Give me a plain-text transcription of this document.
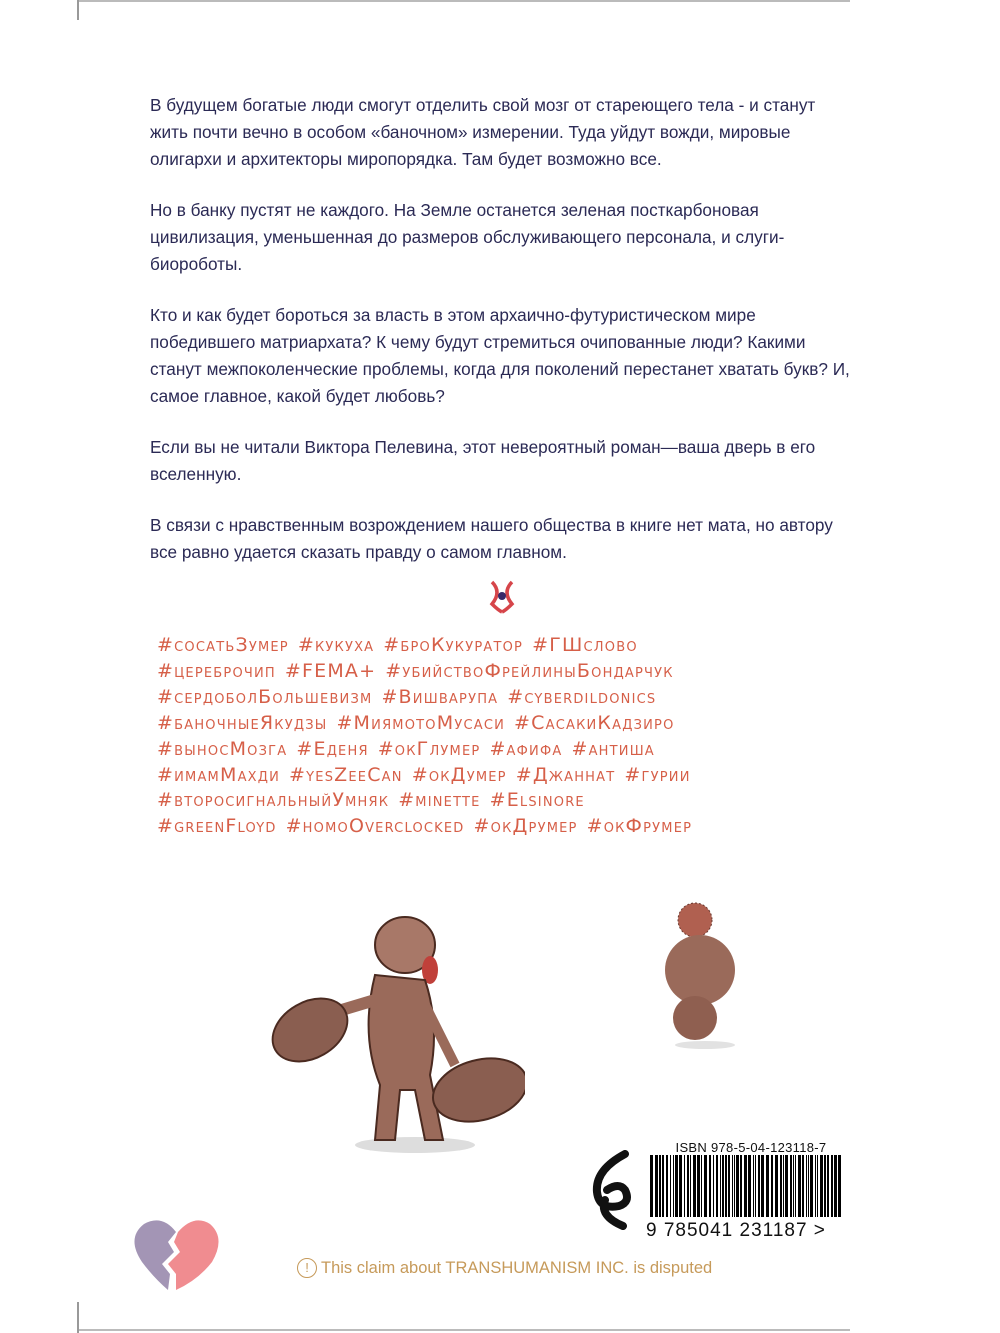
В будущем богатые люди смогут отделить свой мозг от стареющего тела - и станут жить почти вечно в особом «баночном» измерении. Туда уйдут вожди, мировые олигархи и архитекторы миропорядка. Там будет возможно все.

Но в банку пустят не каждого. На Земле останется зеленая посткарбоновая цивилизация, уменьшенная до размеров обслуживающего персонала, и слуги-биороботы.

Кто и как будет бороться за власть в этом архаично-футуристическом мире победившего матриархата? К чему будут стремиться очипованные люди? Какими станут межпоколенческие проблемы, когда для поколений перестанет хватать букв? И, самое главное, какой будет любовь?

Если вы не читали Виктора Пелевина, этот невероятный роман—ваша дверь в его вселенную.

В связи с нравственным возрождением нашего общества в книге нет мата, но автору все равно удается сказать правду о самом главном.

#сосатьЗумер #кукуха #броКукуратор #ГШслово
#цереброчип #FEMA+ #убийствоФрейлиныБондарчук
#сердоболБольшевизм #Вишварупа #cyberdildonics
#баночныеЯкудзы #МиямотоМусаси #СасакиКадзиро
#выносМозга #Еденя #окГлумер #афифа #антиша
#имамМахди #yesZeeCan #окДумер #Джаннат #гурии
#второсигнальныйУмняк #minette #Elsinore
#greenFloyd #homoOverclocked #окДрумер #окФрумер
ISBN 978-5-04-123118-7
9 785041 231187 >
! This claim about TRANSHUMANISM INC. is disputed
